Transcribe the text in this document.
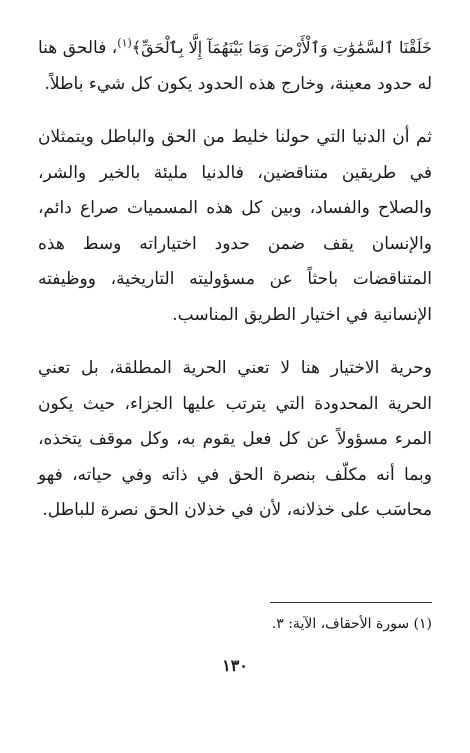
خَلَقْنَا ٱلسَّمَٰوَٰتِ وَٱلْأَرْضَ وَمَا بَيْنَهُمَآ إِلَّا بِٱلْحَقِّ﴾$^{(١)}$، فالحق هنا له حدود معينة، وخارج هذه الحدود يكون كل شيء باطلاً.

ثم أن الدنيا التي حولنا خليط من الحق والباطل ويتمثلان في طريقين متناقضين، فالدنيا مليئة بالخير والشر، والصلاح والفساد، وبين كل هذه المسميات صراع دائم، والإنسان يقف ضمن حدود اختياراته وسط هذه المتناقضات باحثاً عن مسؤوليته التاريخية، ووظيفته الإنسانية في اختيار الطريق المناسب.

وحرية الاختيار هنا لا تعني الحرية المطلقة، بل تعني الحرية المحدودة التي يترتب عليها الجزاء، حيث يكون المرء مسؤولاً عن كل فعل يقوم به، وكل موقف يتخذه، وبما أنه مكلّف بنصرة الحق في ذاته وفي حياته، فهو محاسَب على خذلانه، لأن في خذلان الحق نصرة للباطل.

(١) سورة الأحقاف، الآية: ٣.
١٣٠
